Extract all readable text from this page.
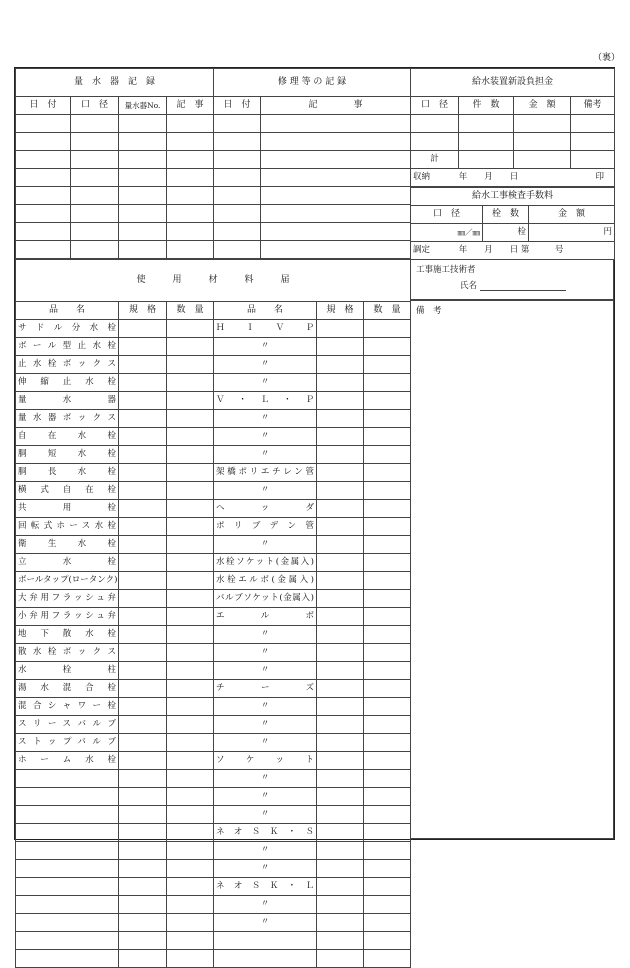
（裏）
量　水　器　記　録			
日　付	口　径	量水器No.	記　事

修 理 等 の 記 録	
日　付	記　　　　事

給水装置新設負担金			
口　径	件　数	金　額	備考

計			
収納 年　　月　　日 印			
給水工事検査手数料		
口　径	栓　数	金　額
㎜／㎜	栓	円
調定 年　　月　　日 第　　　号		
使　　　用　　　材　　　料　　　届					
品　　名	規　格	数　量	品　　名	規　格	数　量
サドル分水栓			Ｈ　Ｉ　Ｖ　Ｐ		
ボール型止水栓			〃		
止水栓ボックス			〃		
伸縮止水栓			〃		
量水器			Ｖ・Ｌ・Ｐ		
量水器ボックス			〃		
自在水栓			〃		
胴短水栓			〃		
胴長水栓			架橋ポリエチレン管		
横式自在栓			〃		
共用栓			ヘッダ		
回転式ホース水栓			ポリブデン管		
衛生水栓			〃		
立水栓			水栓ソケット(金属入)		
ボールタップ(ロータンク)			水栓エルボ(金属入)		
大弁用フラッシュ弁			バルブソケット(金属入)		
小弁用フラッシュ弁			エルボ		
地下散水栓			〃		
散水栓ボックス			〃		
水栓柱			〃		
湯水混合栓			チーズ		
混合シャワー栓			〃		
スリースバルブ			〃		
ストップバルブ			〃		
ホーム水栓			ソケット		
			〃		
			〃		
			〃		
			ネオＳＫ・Ｓ		
			〃		
			〃		
			ネオＳＫ・Ｌ		
			〃		
			〃		

工事施工技術者
氏名
備　考
